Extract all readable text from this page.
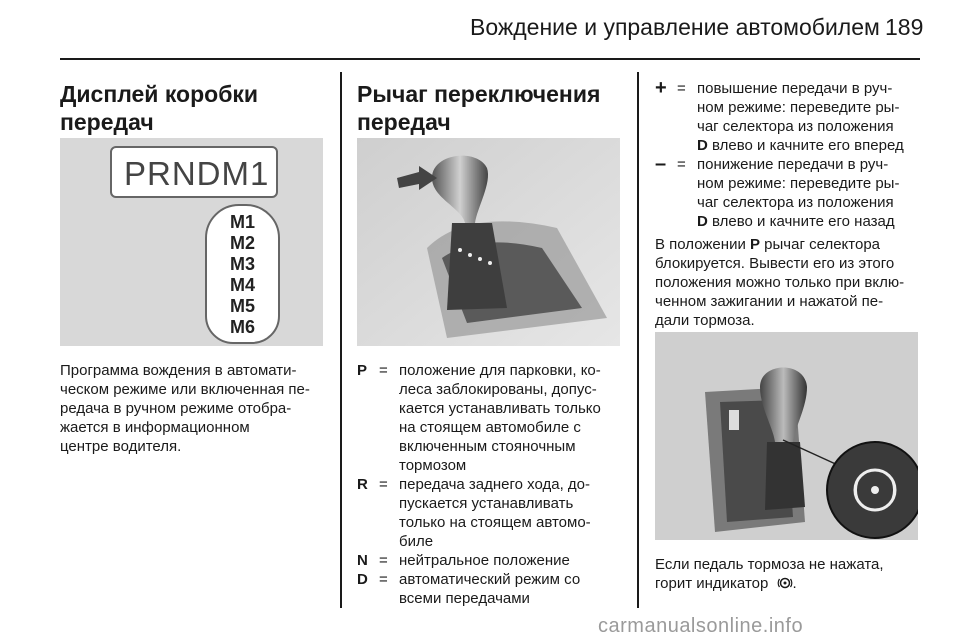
Вождение и управление автомобилем 189
Дисплей коробки
передач
PRNDM1
M1
M2
M3
M4
M5
M6
Программа вождения в автомати-
ческом режиме или включенная пе-
редача в ручном режиме отобра-
жается в информационном
центре водителя.
Рычаг переключения
передач
P = положение для парковки, ко-
леса заблокированы, допус-
кается устанавливать только
на стоящем автомобиле с
включенным стояночным
тормозом
R = передача заднего хода, до-
пускается устанавливать
только на стоящем автомо-
биле
N = нейтральное положение
D = автоматический режим со
всеми передачами
+ = повышение передачи в руч-
ном режиме: переведите ры-
чаг селектора из положения
D влево и качните его вперед
– = понижение передачи в руч-
ном режиме: переведите ры-
чаг селектора из положения
D влево и качните его назад
В положении P рычаг селектора
блокируется. Вывести его из этого
положения можно только при вклю-
ченном зажигании и нажатой пе-
дали тормоза.
Если педаль тормоза не нажата,
горит индикатор .
carmanualsonline.info
